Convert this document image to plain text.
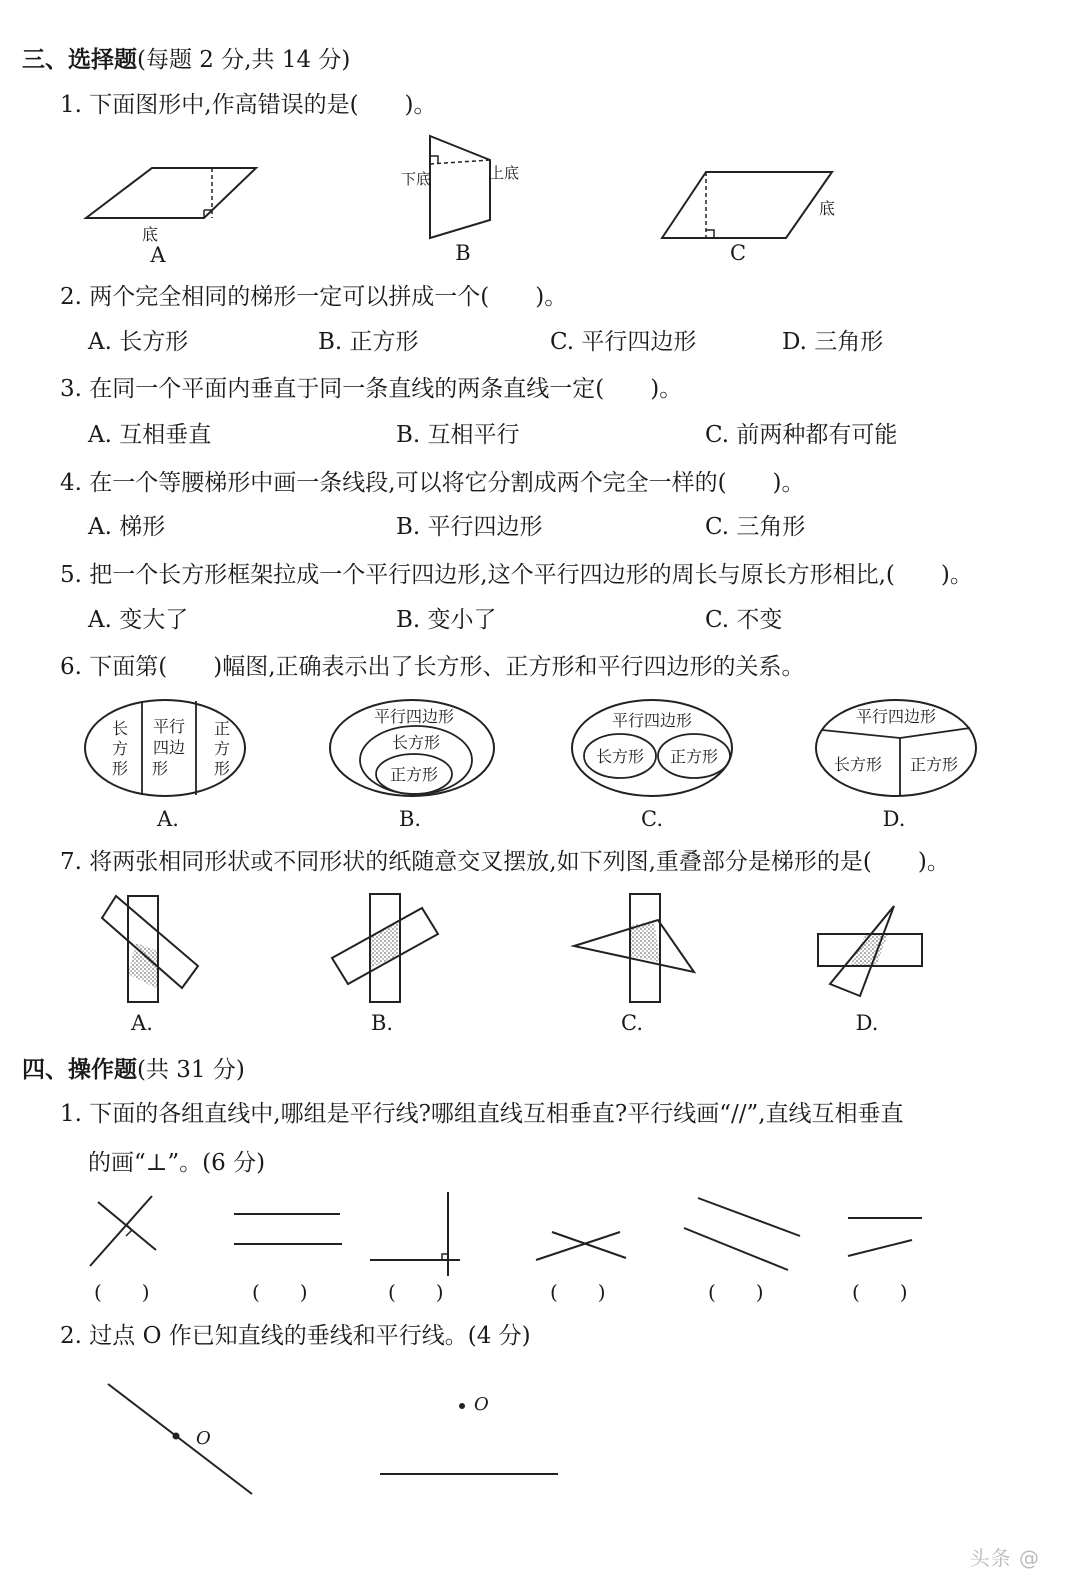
三、选择题(每题 2 分,共 14 分)
1. 下面图形中,作高错误的是(　　)。
底
A
下底	上底
B
底
C
2. 两个完全相同的梯形一定可以拼成一个(　　)。
A. 长方形	B. 正方形	C. 平行四边形	D. 三角形
3. 在同一个平面内垂直于同一条直线的两条直线一定(　　)。
A. 互相垂直	B. 互相平行	C. 前两种都有可能
4. 在一个等腰梯形中画一条线段,可以将它分割成两个完全一样的(　　)。
A. 梯形	B. 平行四边形	C. 三角形
5. 把一个长方形框架拉成一个平行四边形,这个平行四边形的周长与原长方形相比,(　　)。
A. 变大了	B. 变小了	C. 不变
6. 下面第(　　)幅图,正确表示出了长方形、正方形和平行四边形的关系。
长
方
形
平行
四边
形
正
方
形
A.
平行四边形
长方形
正方形
B.
平行四边形
长方形 正方形
C.
平行四边形
长方形 正方形
D.
7. 将两张相同形状或不同形状的纸随意交叉摆放,如下列图,重叠部分是梯形的是(　　)。
A.	B.	C.	D.
四、操作题(共 31 分)
1. 下面的各组直线中,哪组是平行线?哪组直线互相垂直?平行线画“//”,直线互相垂直
的画“⊥”。(6 分)
(　　)	(　　)	(　　)	(　　)	(　　)	(　　)
2. 过点 O 作已知直线的垂线和平行线。(4 分)
O
O
头条 @
